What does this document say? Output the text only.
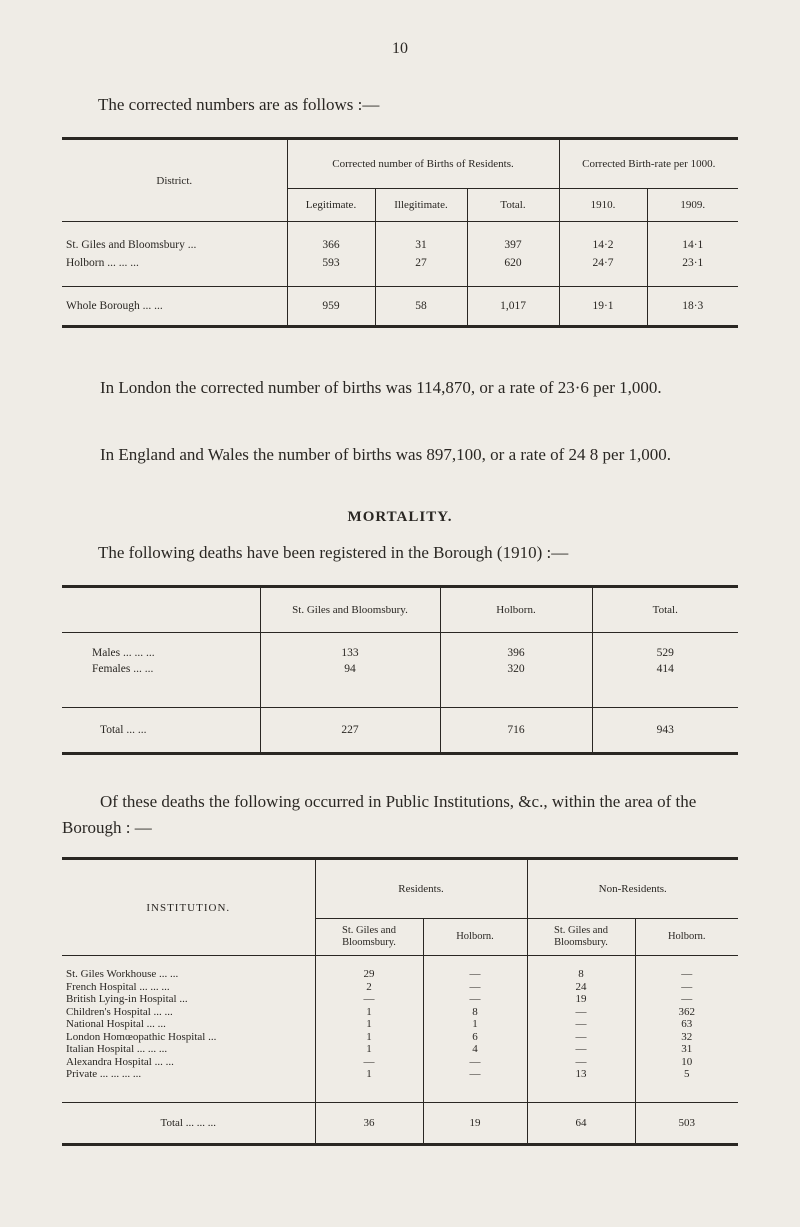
10
The corrected numbers are as follows :—
District.	Corrected number of Births of Residents.			Corrected Birth-rate per 1000.	
	Legitimate.	Illegitimate.	Total.	1910.	1909.

St. Giles and Bloomsbury ...	366	31	397	14·2	14·1
Holborn ... ... ...	593	27	620	24·7	23·1

Whole Borough ... ...	959	58	1,017	19·1	18·3
In London the corrected number of births was 114,870, or a rate of 23·6 per 1,000.
In England and Wales the number of births was 897,100, or a rate of 24 8 per 1,000.
MORTALITY.
The following deaths have been registered in the Borough (1910) :—
	St. Giles and Bloomsbury.	Holborn.	Total.

Males ... ... ...	133	396	529
Females ... ...	94	320	414

Total ... ...	227	716	943
Of these deaths the following occurred in Public Institutions, &c., within the area of the Borough : —
INSTITUTION.	Residents.		Non-Residents.	
	St. Giles and Bloomsbury.	Holborn.	St. Giles and Bloomsbury.	Holborn.

St. Giles Workhouse ... ...	29	—	8	—
French Hospital ... ... ...	2	—	24	—
British Lying-in Hospital ...	—	—	19	—
Children's Hospital ... ...	1	8	—	362
National Hospital ... ...	1	1	—	63
London Homœopathic Hospital ...	1	6	—	32
Italian Hospital ... ... ...	1	4	—	31
Alexandra Hospital ... ...	—	—	—	10
Private ... ... ... ...	1	—	13	5

Total ... ... ...	36	19	64	503
